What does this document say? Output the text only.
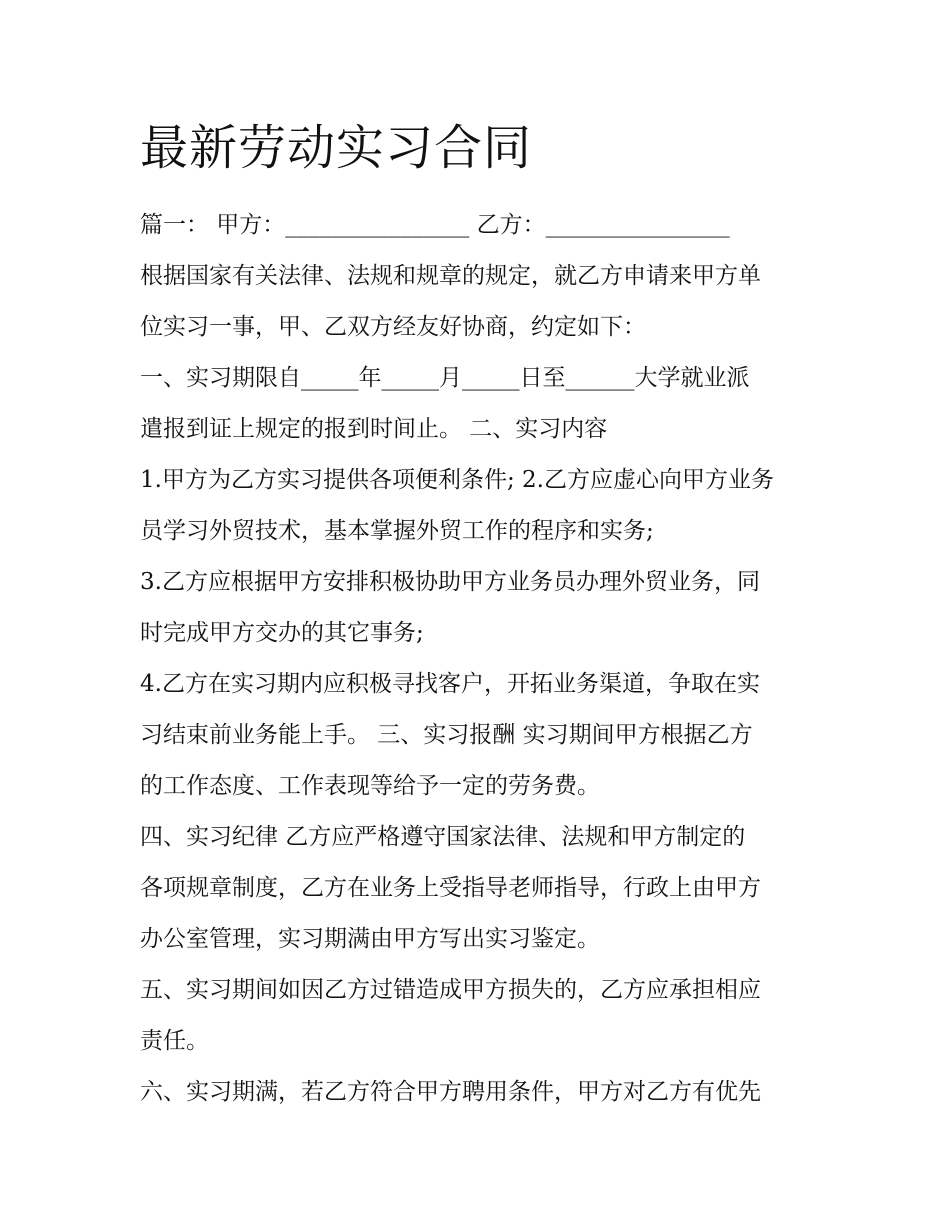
最新劳动实习合同
篇一： 甲方：________________ 乙方：________________
根据国家有关法律、法规和规章的规定，就乙方申请来甲方单
位实习一事，甲、乙双方经友好协商，约定如下：
一、实习期限自_____年_____月_____日至______大学就业派
遣报到证上规定的报到时间止。 二、实习内容
1.甲方为乙方实习提供各项便利条件; 2.乙方应虚心向甲方业务
员学习外贸技术，基本掌握外贸工作的程序和实务;
3.乙方应根据甲方安排积极协助甲方业务员办理外贸业务，同
时完成甲方交办的其它事务;
4.乙方在实习期内应积极寻找客户，开拓业务渠道，争取在实
习结束前业务能上手。 三、实习报酬 实习期间甲方根据乙方
的工作态度、工作表现等给予一定的劳务费。
四、实习纪律 乙方应严格遵守国家法律、法规和甲方制定的
各项规章制度，乙方在业务上受指导老师指导，行政上由甲方
办公室管理，实习期满由甲方写出实习鉴定。
五、实习期间如因乙方过错造成甲方损失的，乙方应承担相应
责任。
六、实习期满，若乙方符合甲方聘用条件，甲方对乙方有优先
